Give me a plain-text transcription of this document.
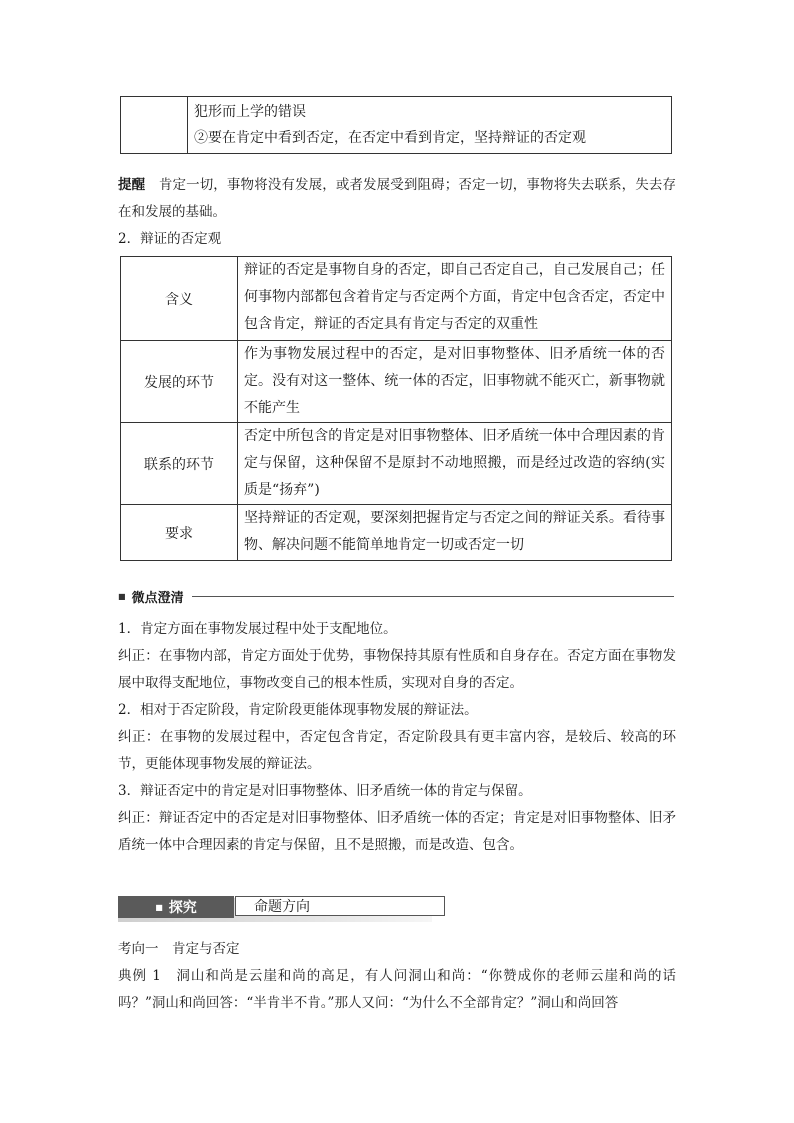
犯形而上学的错误
②要在肯定中看到否定，在否定中看到肯定，坚持辩证的否定观
提醒　 肯定一切，事物将没有发展，或者发展受到阻碍；否定一切，事物将失去联系，失去存在和发展的基础。
2．辩证的否定观
含义	辩证的否定是事物自身的否定，即自己否定自己，自己发展自己；任何事物内部都包含着肯定与否定两个方面，肯定中包含否定，否定中包含肯定，辩证的否定具有肯定与否定的双重性
发展的环节	作为事物发展过程中的否定，是对旧事物整体、旧矛盾统一体的否定。没有对这一整体、统一体的否定，旧事物就不能灭亡，新事物就不能产生
联系的环节	否定中所包含的肯定是对旧事物整体、旧矛盾统一体中合理因素的肯定与保留，这种保留不是原封不动地照搬，而是经过改造的容纳(实质是“扬弃”)
要求	坚持辩证的否定观，要深刻把握肯定与否定之间的辩证关系。看待事物、解决问题不能简单地肯定一切或否定一切
■ 微点澄清
1．肯定方面在事物发展过程中处于支配地位。
纠正：在事物内部，肯定方面处于优势，事物保持其原有性质和自身存在。否定方面在事物发展中取得支配地位，事物改变自己的根本性质，实现对自身的否定。
2．相对于否定阶段，肯定阶段更能体现事物发展的辩证法。
纠正：在事物的发展过程中，否定包含肯定，否定阶段具有更丰富内容，是较后、较高的环节，更能体现事物发展的辩证法。
3．辩证否定中的肯定是对旧事物整体、旧矛盾统一体的肯定与保留。
纠正：辩证否定中的否定是对旧事物整体、旧矛盾统一体的否定；肯定是对旧事物整体、旧矛盾统一体中合理因素的肯定与保留，且不是照搬，而是改造、包含。
■ 探究	命题方向
考向一　肯定与否定
典例 1　 洞山和尚是云崖和尚的高足，有人问洞山和尚：“你赞成你的老师云崖和尚的话吗？”洞山和尚回答：“半肯半不肯。”那人又问：“为什么不全部肯定？”洞山和尚回答
